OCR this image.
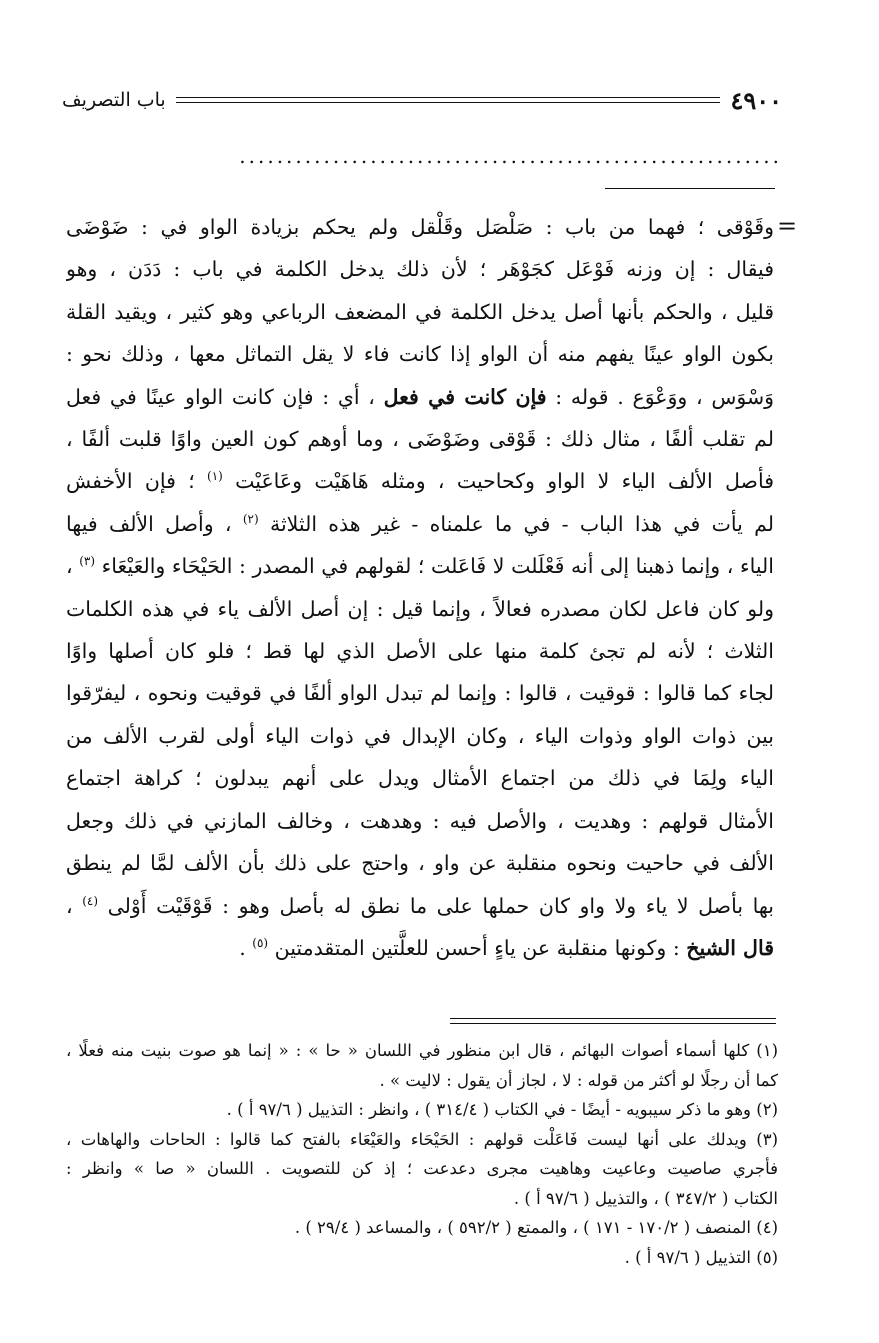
٤٩٠٠
باب التصريف
..........................................................
=
وقَوْقى ؛ فهما من باب : صَلْصَل وقَلْقل ولم يحكم بزيادة الواو في : ضَوْضَى
فيقال : إن وزنه فَوْعَل كجَوْهَر ؛ لأن ذلك يدخل الكلمة في باب : دَدَن ، وهو
قليل ، والحكم بأنها أصل يدخل الكلمة في المضعف الرباعي وهو كثير ، ويقيد القلة
بكون الواو عينًا يفهم منه أن الواو إذا كانت فاء لا يقل التماثل معها ، وذلك نحو :
وَسْوَس ، ووَعْوَع . قوله : فإن كانت في فعل ، أي : فإن كانت الواو عينًا في فعل
لم تقلب ألفًا ، مثال ذلك : قَوْقى وضَوْضَى ، وما أوهم كون العين واوًا قلبت ألفًا ،
فأصل الألف الياء لا الواو وكحاحيت ، ومثله هَاهَيْت وعَاعَيْت $^{(١)}$ ؛ فإن الأخفش
لم يأت في هذا الباب - في ما علمناه - غير هذه الثلاثة $^{(٢)}$ ، وأصل الألف فيها
الياء ، وإنما ذهبنا إلى أنه فَعْلَلت لا فَاعَلت ؛ لقولهم في المصدر : الحَيْحَاء والعَيْعَاء $^{(٣)}$ ،
ولو كان فاعل لكان مصدره فعالاً ، وإنما قيل : إن أصل الألف ياء في هذه الكلمات
الثلاث ؛ لأنه لم تجئ كلمة منها على الأصل الذي لها قط ؛ فلو كان أصلها واوًا
لجاء كما قالوا : قوقيت ، قالوا : وإنما لم تبدل الواو ألفًا في قوقيت ونحوه ، ليفرّقوا
بين ذوات الواو وذوات الياء ، وكان الإبدال في ذوات الياء أولى لقرب الألف من
الياء ولِمَا في ذلك من اجتماع الأمثال ويدل على أنهم يبدلون ؛ كراهة اجتماع
الأمثال قولهم : وهديت ، والأصل فيه : وهدهت ، وخالف المازني في ذلك وجعل
الألف في حاحيت ونحوه منقلبة عن واو ، واحتج على ذلك بأن الألف لمَّا لم ينطق
بها بأصل لا ياء ولا واو كان حملها على ما نطق له بأصل وهو : قَوْقَيْت أَوْلى $^{(٤)}$ ،
قال الشيخ : وكونها منقلبة عن ياءٍ أحسن للعلَّتين المتقدمتين $^{(٥)}$ .
(١) كلها أسماء أصوات البهائم ، قال ابن منظور في اللسان « حا » : « إنما هو صوت بنيت منه فعلًا ،
كما أن رجلًا لو أكثر من قوله : لا ، لجاز أن يقول : لاليت » .
(٢) وهو ما ذكر سيبويه - أيضًا - في الكتاب ( ٣١٤/٤ ) ، وانظر : التذييل ( ٩٧/٦ أ ) .
(٣) ويدلك على أنها ليست فَاعَلْت قولهم : الحَيْحَاء والعَيْعَاء بالفتح كما قالوا : الحاحات والهاهات ،
فأجري صاصيت وعاعيت وهاهيت مجرى دعدعت ؛ إذ كن للتصويت . اللسان « صا » وانظر :
الكتاب ( ٣٤٧/٢ ) ، والتذييل ( ٩٧/٦ أ ) .
(٤) المنصف ( ١٧٠/٢ - ١٧١ ) ، والممتع ( ٥٩٢/٢ ) ، والمساعد ( ٢٩/٤ ) .
(٥) التذييل ( ٩٧/٦ أ ) .
